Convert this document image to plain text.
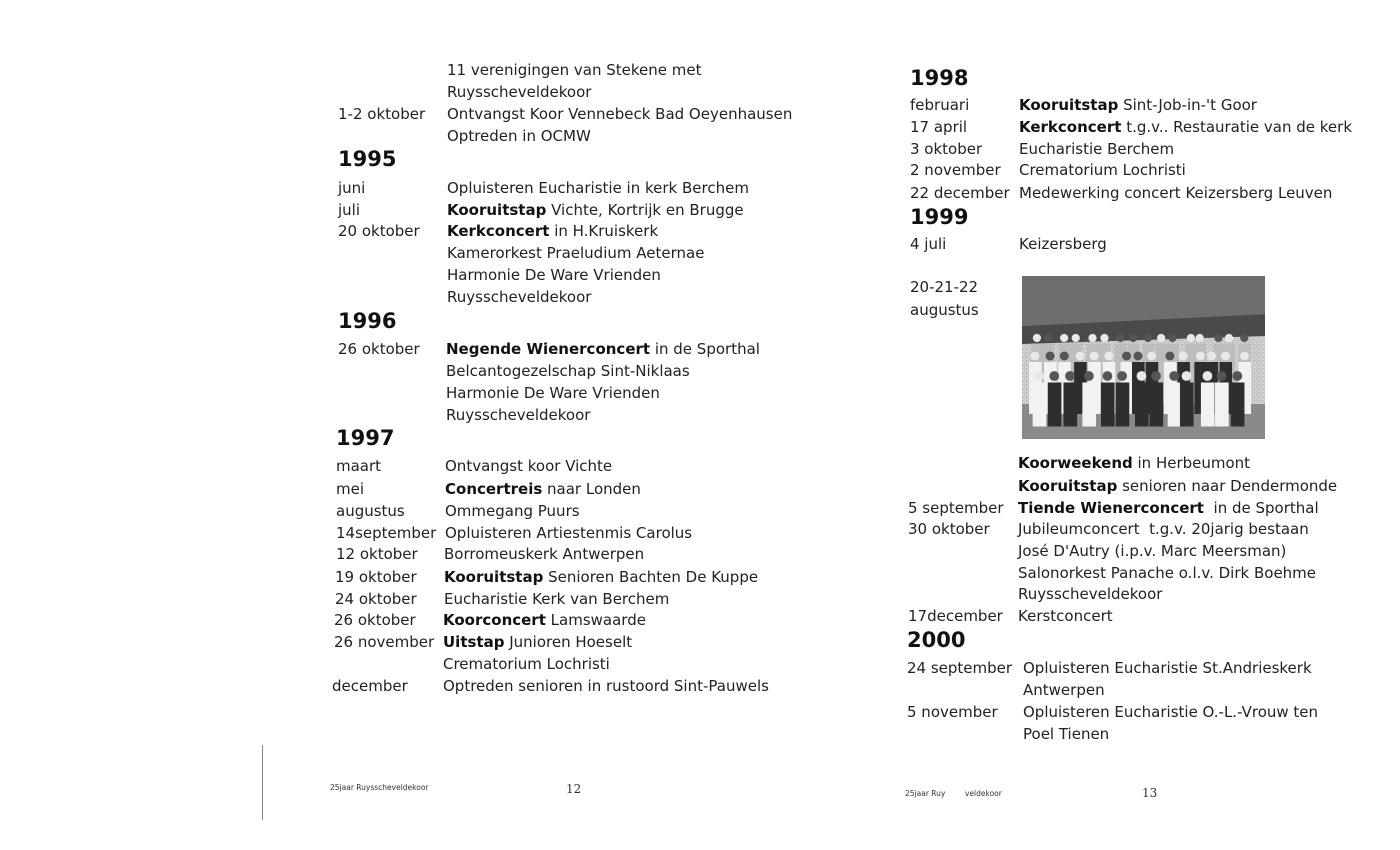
11 verenigingen van Stekene met
Ruysscheveldekoor
1-2 oktober Ontvangst Koor Vennebeck Bad Oeyenhausen
Optreden in OCMW
1995
juni	Opluisteren Eucharistie in kerk Berchem
juli	Kooruitstap Vichte, Kortrijk en Brugge
20 oktober Kerkconcert in H.Kruiskerk
Kamerorkest Praeludium Aeternae
Harmonie De Ware Vrienden
Ruysscheveldekoor
1996
26 oktober Negende Wienerconcert in de Sporthal
Belcantogezelschap Sint-Niklaas
Harmonie De Ware Vrienden
Ruysscheveldekoor
1997
maart	Ontvangst koor Vichte
mei	Concertreis naar Londen
augustus	Ommegang Puurs
14september Opluisteren Artiestenmis Carolus
12 oktober Borromeuskerk Antwerpen
19 oktober Kooruitstap Senioren Bachten De Kuppe
24 oktober Eucharistie Kerk van Berchem
26 oktober Koorconcert Lamswaarde
26 november Uitstap Junioren Hoeselt
Crematorium Lochristi
december Optreden senioren in rustoord Sint-Pauwels
25jaar Ruysscheveldekoor	12
1998
februari	Kooruitstap Sint-Job-in-'t Goor
17 april	Kerkconcert t.g.v.. Restauratie van de kerk
3 oktober Eucharistie Berchem
2 november Crematorium Lochristi
22 december Medewerking concert Keizersberg Leuven
1999
4 juli	Keizersberg
20-21-22
augustus
Koorweekend in Herbeumont
Kooruitstap senioren naar Dendermonde
5 september Tiende Wienerconcert  in de Sporthal
30 oktober Jubileumconcert  t.g.v. 20jarig bestaan
José D'Autry (i.p.v. Marc Meersman)
Salonorkest Panache o.l.v. Dirk Boehme
Ruysscheveldekoor
17december Kerstconcert
2000
24 september Opluisteren Eucharistie St.Andrieskerk
Antwerpen
5 november Opluisteren Eucharistie O.-L.-Vrouw ten
Poel Tienen
25jaar Ruy	veldekoor	13
